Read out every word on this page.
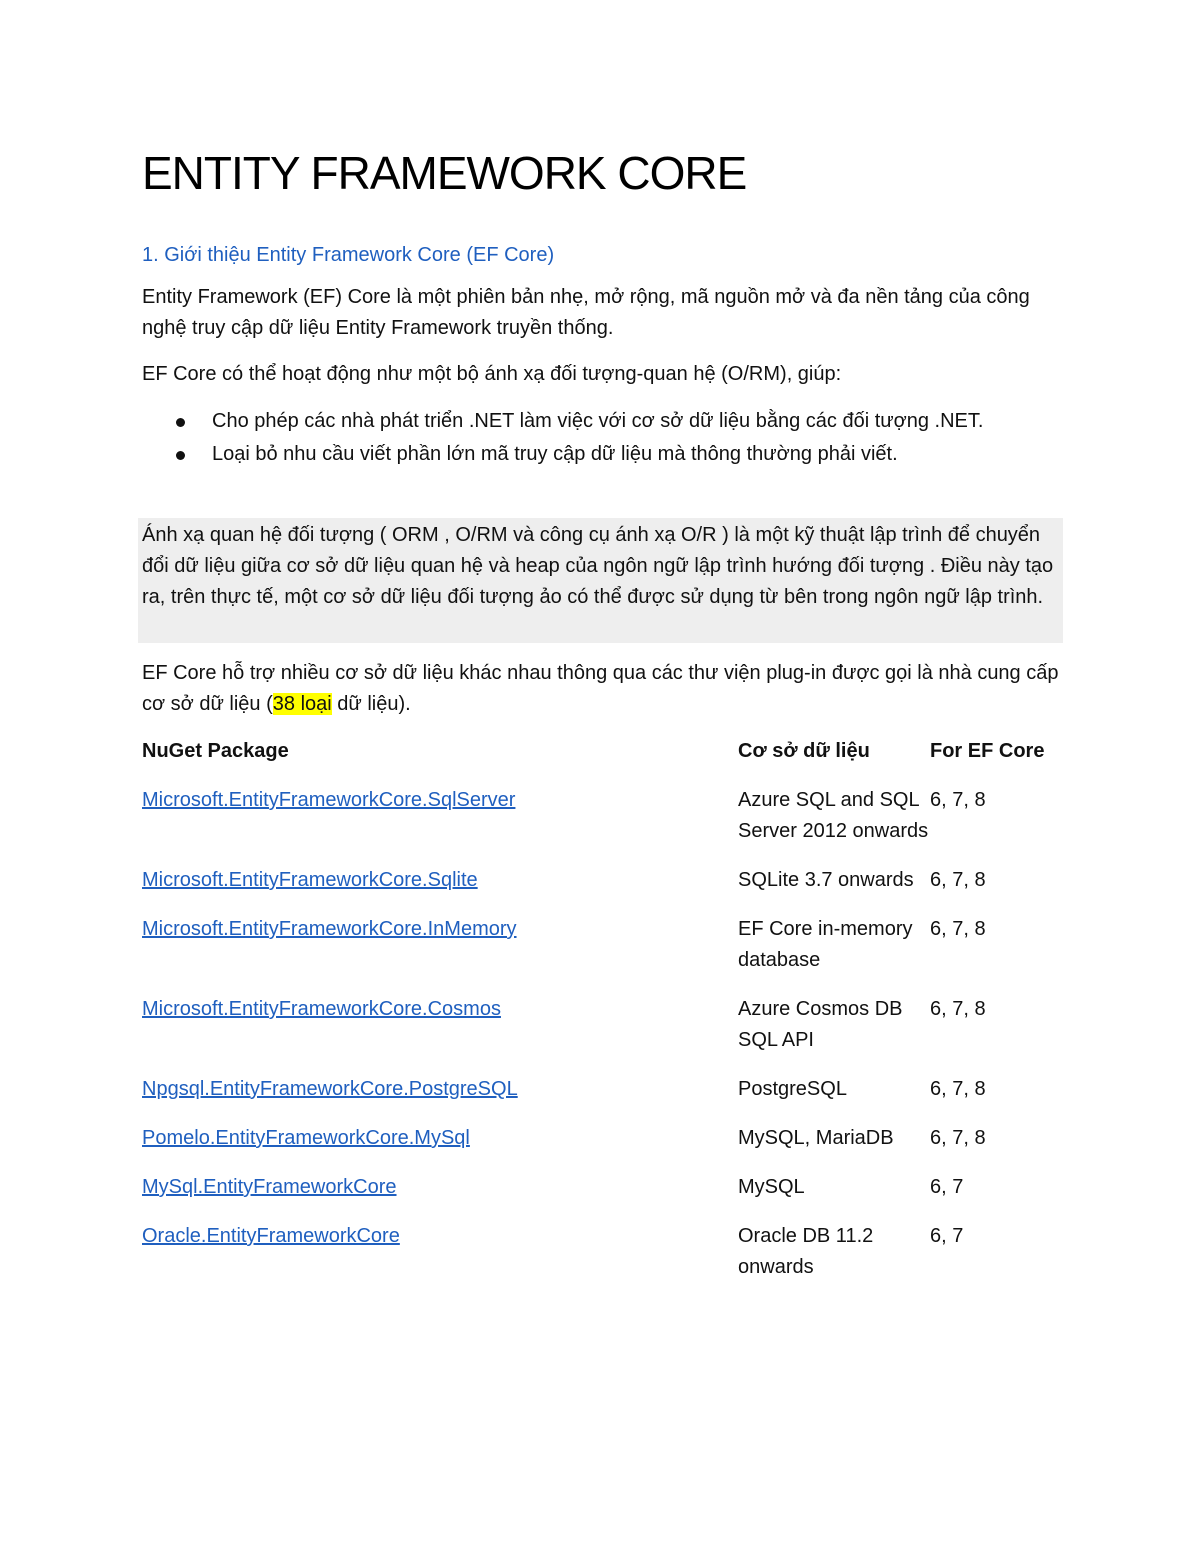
ENTITY FRAMEWORK CORE
1. Giới thiệu Entity Framework Core (EF Core)

Entity Framework (EF) Core là một phiên bản nhẹ, mở rộng, mã nguồn mở và đa nền tảng của công nghệ truy cập dữ liệu Entity Framework truyền thống.

EF Core có thể hoạt động như một bộ ánh xạ đối tượng-quan hệ (O/RM), giúp:

Cho phép các nhà phát triển .NET làm việc với cơ sở dữ liệu bằng các đối tượng .NET.
Loại bỏ nhu cầu viết phần lớn mã truy cập dữ liệu mà thông thường phải viết.

Ánh xạ quan hệ đối tượng ( ORM , O/RM và công cụ ánh xạ O/R ) là một kỹ thuật lập trình để chuyển đổi dữ liệu giữa cơ sở dữ liệu quan hệ và heap của ngôn ngữ lập trình hướng đối tượng . Điều này tạo ra, trên thực tế, một cơ sở dữ liệu đối tượng ảo có thể được sử dụng từ bên trong ngôn ngữ lập trình.

EF Core hỗ trợ nhiều cơ sở dữ liệu khác nhau thông qua các thư viện plug-in được gọi là nhà cung cấp cơ sở dữ liệu (38 loại dữ liệu).

NuGet Package	Cơ sở dữ liệu	For EF Core
Microsoft.EntityFrameworkCore.SqlServer	Azure SQL and SQL Server 2012 onwards	6, 7, 8
Microsoft.EntityFrameworkCore.Sqlite	SQLite 3.7 onwards	6, 7, 8
Microsoft.EntityFrameworkCore.InMemory	EF Core in-memory database	6, 7, 8
Microsoft.EntityFrameworkCore.Cosmos	Azure Cosmos DB SQL API	6, 7, 8
Npgsql.EntityFrameworkCore.PostgreSQL	PostgreSQL	6, 7, 8
Pomelo.EntityFrameworkCore.MySql	MySQL, MariaDB	6, 7, 8
MySql.EntityFrameworkCore	MySQL	6, 7
Oracle.EntityFrameworkCore	Oracle DB 11.2 onwards	6, 7
